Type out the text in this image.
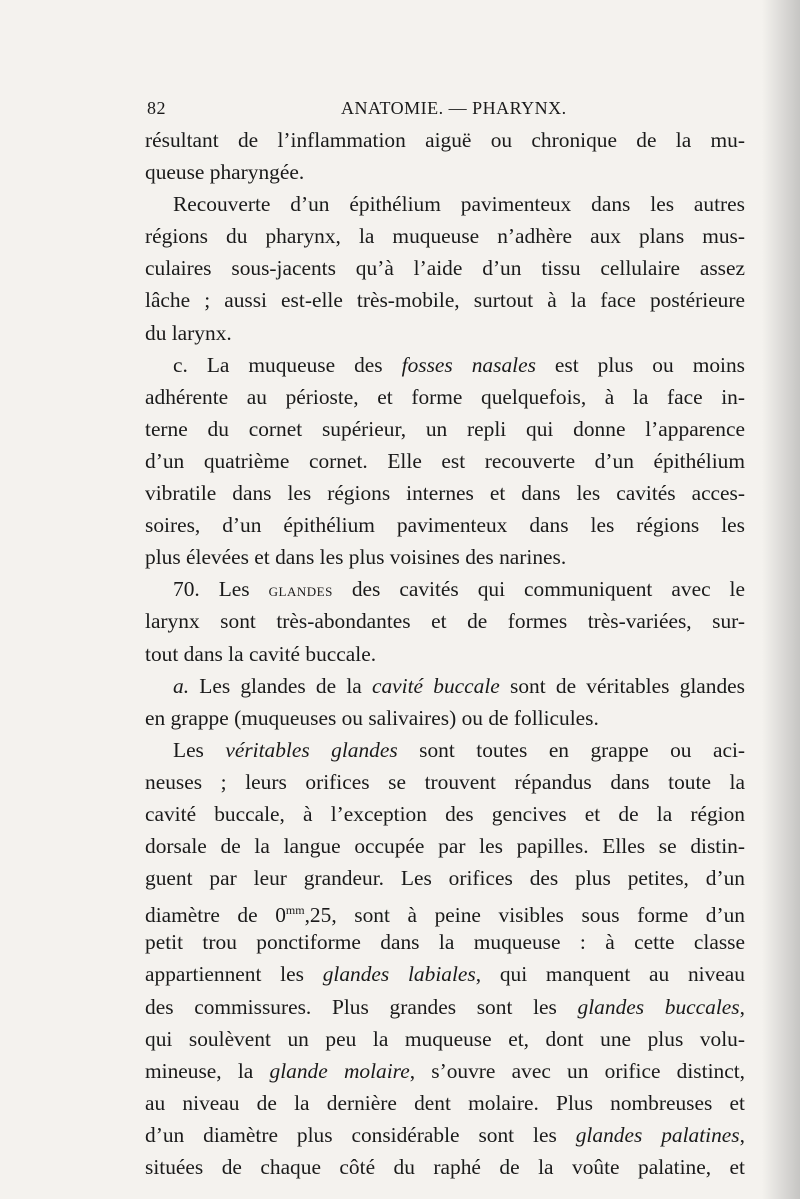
82	ANATOMIE. — PHARYNX.
résultant de l’inflammation aiguë ou chronique de la mu-
queuse pharyngée.
Recouverte d’un épithélium pavimenteux dans les autres
régions du pharynx, la muqueuse n’adhère aux plans mus-
culaires sous-jacents qu’à l’aide d’un tissu cellulaire assez
lâche ; aussi est-elle très-mobile, surtout à la face postérieure
du larynx.
c. La muqueuse des fosses nasales est plus ou moins
adhérente au périoste, et forme quelquefois, à la face in-
terne du cornet supérieur, un repli qui donne l’apparence
d’un quatrième cornet. Elle est recouverte d’un épithélium
vibratile dans les régions internes et dans les cavités acces-
soires, d’un épithélium pavimenteux dans les régions les
plus élevées et dans les plus voisines des narines.
70. Les glandes des cavités qui communiquent avec le
larynx sont très-abondantes et de formes très-variées, sur-
tout dans la cavité buccale.
a. Les glandes de la cavité buccale sont de véritables glandes
en grappe (muqueuses ou salivaires) ou de follicules.
Les véritables glandes sont toutes en grappe ou aci-
neuses ; leurs orifices se trouvent répandus dans toute la
cavité buccale, à l’exception des gencives et de la région
dorsale de la langue occupée par les papilles. Elles se distin-
guent par leur grandeur. Les orifices des plus petites, d’un
diamètre de $0^{mm},25$, sont à peine visibles sous forme d’un
petit trou ponctiforme dans la muqueuse : à cette classe
appartiennent les glandes labiales, qui manquent au niveau
des commissures. Plus grandes sont les glandes buccales,
qui soulèvent un peu la muqueuse et, dont une plus volu-
mineuse, la glande molaire, s’ouvre avec un orifice distinct,
au niveau de la dernière dent molaire. Plus nombreuses et
d’un diamètre plus considérable sont les glandes palatines,
situées de chaque côté du raphé de la voûte palatine, et
